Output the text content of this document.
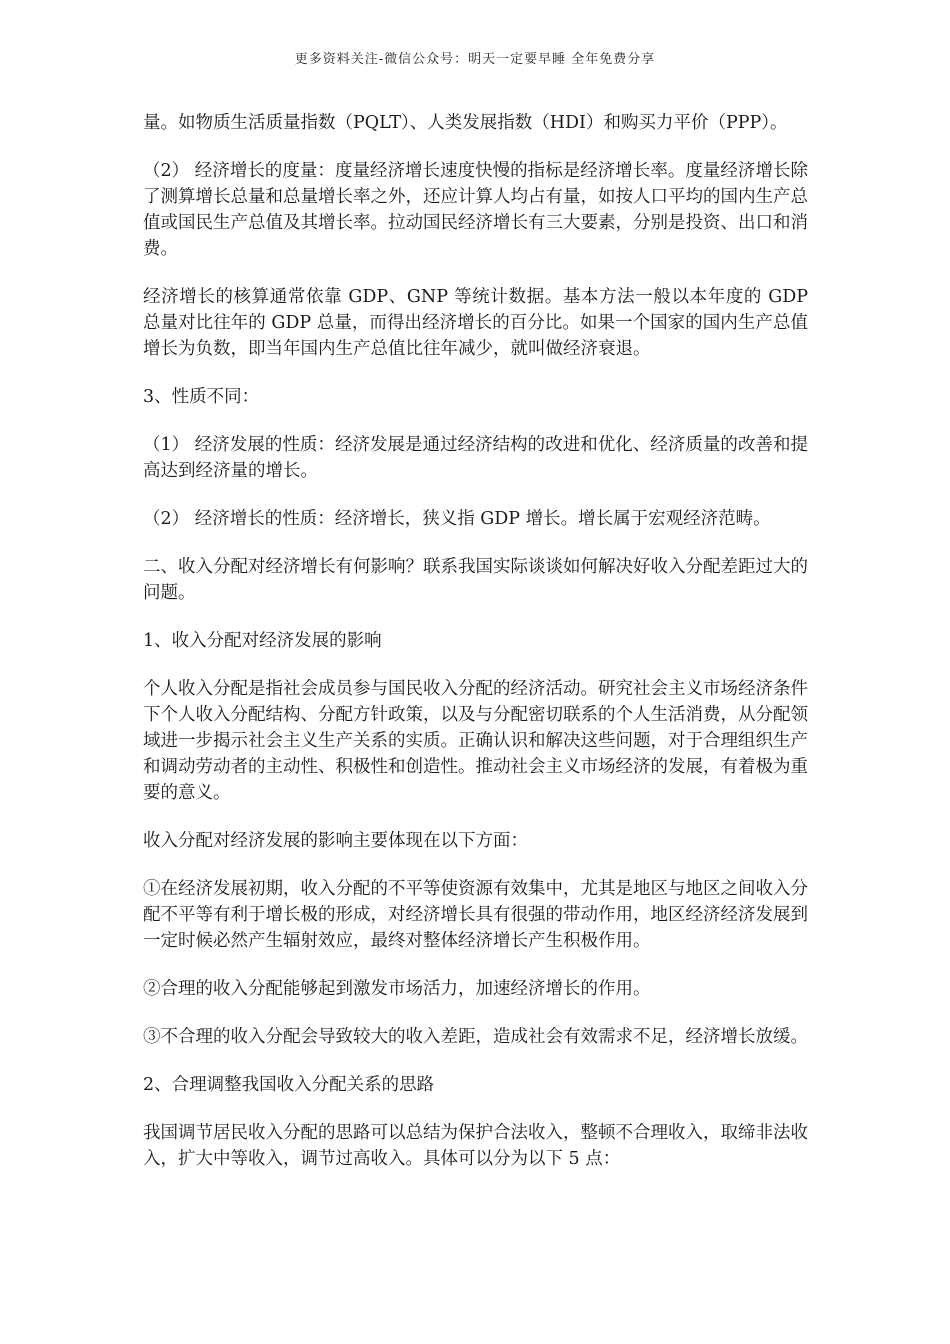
更多资料关注-微信公众号：明天一定要早睡 全年免费分享

量。如物质生活质量指数（PQLT）、人类发展指数（HDI）和购买力平价（PPP）。

（2） 经济增长的度量：度量经济增长速度快慢的指标是经济增长率。度量经济增长除了测算增长总量和总量增长率之外，还应计算人均占有量，如按人口平均的国内生产总值或国民生产总值及其增长率。拉动国民经济增长有三大要素，分别是投资、出口和消费。

经济增长的核算通常依靠 GDP、GNP 等统计数据。基本方法一般以本年度的 GDP 总量对比往年的 GDP 总量，而得出经济增长的百分比。如果一个国家的国内生产总值增长为负数，即当年国内生产总值比往年减少，就叫做经济衰退。

3、性质不同：

（1） 经济发展的性质：经济发展是通过经济结构的改进和优化、经济质量的改善和提高达到经济量的增长。

（2） 经济增长的性质：经济增长，狭义指 GDP 增长。增长属于宏观经济范畴。

二、收入分配对经济增长有何影响？联系我国实际谈谈如何解决好收入分配差距过大的问题。

1、收入分配对经济发展的影响

个人收入分配是指社会成员参与国民收入分配的经济活动。研究社会主义市场经济条件下个人收入分配结构、分配方针政策，以及与分配密切联系的个人生活消费，从分配领域进一步揭示社会主义生产关系的实质。正确认识和解决这些问题，对于合理组织生产和调动劳动者的主动性、积极性和创造性。推动社会主义市场经济的发展，有着极为重要的意义。

收入分配对经济发展的影响主要体现在以下方面：

①在经济发展初期，收入分配的不平等使资源有效集中，尤其是地区与地区之间收入分配不平等有利于增长极的形成，对经济增长具有很强的带动作用，地区经济经济发展到一定时候必然产生辐射效应，最终对整体经济增长产生积极作用。

②合理的收入分配能够起到激发市场活力，加速经济增长的作用。

③不合理的收入分配会导致较大的收入差距，造成社会有效需求不足，经济增长放缓。

2、合理调整我国收入分配关系的思路

我国调节居民收入分配的思路可以总结为保护合法收入，整顿不合理收入，取缔非法收入，扩大中等收入，调节过高收入。具体可以分为以下 5 点：
